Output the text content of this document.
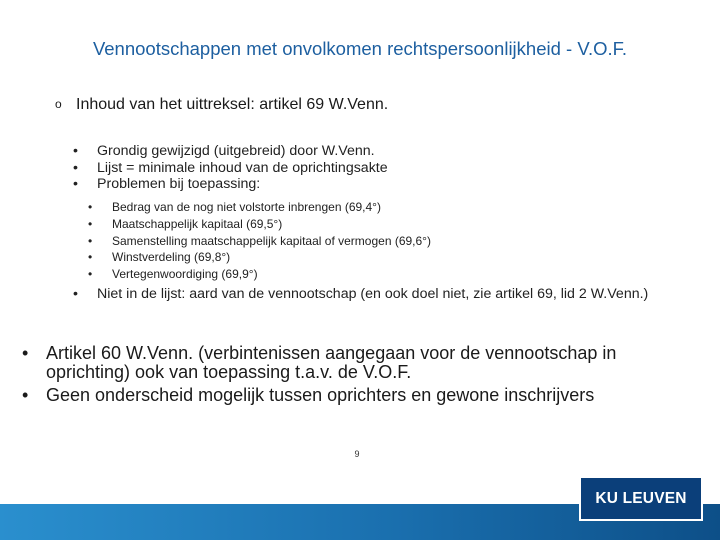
Vennootschappen met onvolkomen rechtspersoonlijkheid - V.O.F.
o Inhoud van het uittreksel: artikel 69 W.Venn.
• Grondig gewijzigd (uitgebreid) door W.Venn.
• Lijst = minimale inhoud van de oprichtingsakte
• Problemen bij toepassing:
• Bedrag van de nog niet volstorte inbrengen (69,4°)
• Maatschappelijk kapitaal (69,5°)
• Samenstelling maatschappelijk kapitaal of vermogen (69,6°)
• Winstverdeling (69,8°)
• Vertegenwoordiging (69,9°)
• Niet in de lijst: aard van de vennootschap (en ook doel niet, zie artikel 69, lid 2 W.Venn.)
• Artikel 60 W.Venn. (verbintenissen aangegaan voor de vennootschap in oprichting) ook van toepassing t.a.v. de V.O.F.
• Geen onderscheid mogelijk tussen oprichters en gewone inschrijvers
9
KU LEUVEN
